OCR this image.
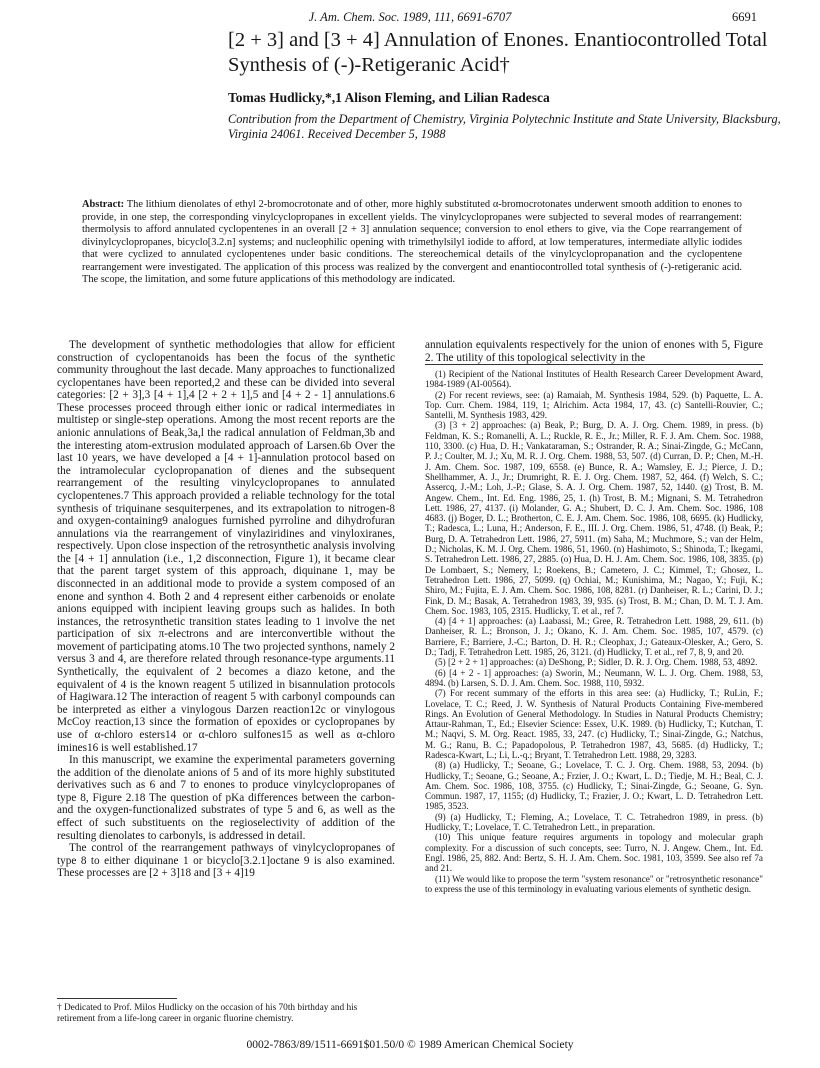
J. Am. Chem. Soc. 1989, 111, 6691-6707	6691
[2 + 3] and [3 + 4] Annulation of Enones. Enantiocontrolled Total Synthesis of (-)-Retigeranic Acid†
Tomas Hudlicky,*,1 Alison Fleming, and Lilian Radesca
Contribution from the Department of Chemistry, Virginia Polytechnic Institute and State University, Blacksburg, Virginia 24061. Received December 5, 1988
Abstract: The lithium dienolates of ethyl 2-bromocrotonate and of other, more highly substituted α-bromocrotonates underwent smooth addition to enones to provide, in one step, the corresponding vinylcyclopropanes in excellent yields. The vinylcyclopropanes were subjected to several modes of rearrangement: thermolysis to afford annulated cyclopentenes in an overall [2 + 3] annulation sequence; conversion to enol ethers to give, via the Cope rearrangement of divinylcyclopropanes, bicyclo[3.2.n] systems; and nucleophilic opening with trimethylsilyl iodide to afford, at low temperatures, intermediate allylic iodides that were cyclized to annulated cyclopentenes under basic conditions. The stereochemical details of the vinylcyclopropanation and the cyclopentene rearrangement were investigated. The application of this process was realized by the convergent and enantiocontrolled total synthesis of (-)-retigeranic acid. The scope, the limitation, and some future applications of this methodology are indicated.

The development of synthetic methodologies that allow for efficient construction of cyclopentanoids has been the focus of the synthetic community throughout the last decade. Many approaches to functionalized cyclopentanes have been reported,2 and these can be divided into several categories: [2 + 3],3 [4 + 1],4 [2 + 2 + 1],5 and [4 + 2 - 1] annulations.6 These processes proceed through either ionic or radical intermediates in multistep or single-step operations. Among the most recent reports are the anionic annulations of Beak,3a,l the radical annulation of Feldman,3b and the interesting atom-extrusion modulated approach of Larsen.6b Over the last 10 years, we have developed a [4 + 1]-annulation protocol based on the intramolecular cyclopropanation of dienes and the subsequent rearrangement of the resulting vinylcyclopropanes to annulated cyclopentenes.7 This approach provided a reliable technology for the total synthesis of triquinane sesquiterpenes, and its extrapolation to nitrogen-8 and oxygen-containing9 analogues furnished pyrroline and dihydrofuran annulations via the rearrangement of vinylaziridines and vinyloxiranes, respectively. Upon close inspection of the retrosynthetic analysis involving the [4 + 1] annulation (i.e., 1,2 disconnection, Figure 1), it became clear that the parent target system of this approach, diquinane 1, may be disconnected in an additional mode to provide a system composed of an enone and synthon 4. Both 2 and 4 represent either carbenoids or enolate anions equipped with incipient leaving groups such as halides. In both instances, the retrosynthetic transition states leading to 1 involve the net participation of six π-electrons and are interconvertible without the movement of participating atoms.10 The two projected synthons, namely 2 versus 3 and 4, are therefore related through resonance-type arguments.11 Synthetically, the equivalent of 2 becomes a diazo ketone, and the equivalent of 4 is the known reagent 5 utilized in bisannulation protocols of Hagiwara.12 The interaction of reagent 5 with carbonyl compounds can be interpreted as either a vinylogous Darzen reaction12c or vinylogous McCoy reaction,13 since the formation of epoxides or cyclopropanes by use of α-chloro esters14 or α-chloro sulfones15 as well as α-chloro imines16 is well established.17

In this manuscript, we examine the experimental parameters governing the addition of the dienolate anions of 5 and of its more highly substituted derivatives such as 6 and 7 to enones to produce vinylcyclopropanes of type 8, Figure 2.18 The question of pKa differences between the carbon- and the oxygen-functionalized substrates of type 5 and 6, as well as the effect of such substituents on the regioselectivity of addition of the resulting dienolates to carbonyls, is addressed in detail.

The control of the rearrangement pathways of vinylcyclopropanes of type 8 to either diquinane 1 or bicyclo[3.2.1]octane 9 is also examined. These processes are [2 + 3]18 and [3 + 4]19

annulation equivalents respectively for the union of enones with 5, Figure 2. The utility of this topological selectivity in the

(1) Recipient of the National Institutes of Health Research Career Development Award, 1984-1989 (AI-00564).

(2) For recent reviews, see: (a) Ramaiah, M. Synthesis 1984, 529. (b) Paquette, L. A. Top. Curr. Chem. 1984, 119, 1; Alrichim. Acta 1984, 17, 43. (c) Santelli-Rouvier, C.; Santelli, M. Synthesis 1983, 429.

(3) [3 + 2] approaches: (a) Beak, P.; Burg, D. A. J. Org. Chem. 1989, in press. (b) Feldman, K. S.; Romanelli, A. L.; Ruckle, R. E., Jr.; Miller, R. F. J. Am. Chem. Soc. 1988, 110, 3300. (c) Hua, D. H.; Vankataraman, S.; Ostrander, R. A.; Sinai-Zingde, G.; McCann, P. J.; Coulter, M. J.; Xu, M. R. J. Org. Chem. 1988, 53, 507. (d) Curran, D. P.; Chen, M.-H. J. Am. Chem. Soc. 1987, 109, 6558. (e) Bunce, R. A.; Wamsley, E. J.; Pierce, J. D.; Shellhammer, A. J., Jr.; Drumright, R. E. J. Org. Chem. 1987, 52, 464. (f) Welch, S. C.; Assercq, J.-M.; Loh, J.-P.; Glase, S. A. J. Org. Chem. 1987, 52, 1440. (g) Trost, B. M. Angew. Chem., Int. Ed. Eng. 1986, 25, 1. (h) Trost, B. M.; Mignani, S. M. Tetrahedron Lett. 1986, 27, 4137. (i) Molander, G. A.; Shubert, D. C. J. Am. Chem. Soc. 1986, 108 4683. (j) Boger, D. L.; Brotherton, C. E. J. Am. Chem. Soc. 1986, 108, 6695. (k) Hudlicky, T.; Radesca, L.; Luna, H.; Anderson, F. E., III. J. Org. Chem. 1986, 51, 4748. (l) Beak, P.; Burg, D. A. Tetrahedron Lett. 1986, 27, 5911. (m) Saha, M.; Muchmore, S.; van der Helm, D.; Nicholas, K. M. J. Org. Chem. 1986, 51, 1960. (n) Hashimoto, S.; Shinoda, T.; Ikegami, S. Tetrahedron Lett. 1986, 27, 2885. (o) Hua, D. H. J. Am. Chem. Soc. 1986, 108, 3835. (p) De Lombaert, S.; Nemery, I.; Roekens, B.; Cametero, J. C.; Kimmel, T.; Ghosez, L. Tetrahedron Lett. 1986, 27, 5099. (q) Ochiai, M.; Kunishima, M.; Nagao, Y.; Fuji, K.; Shiro, M.; Fujita, E. J. Am. Chem. Soc. 1986, 108, 8281. (r) Danheiser, R. L.; Carini, D. J.; Fink, D. M.; Basak, A. Tetrahedron 1983, 39, 935. (s) Trost, B. M.; Chan, D. M. T. J. Am. Chem. Soc. 1983, 105, 2315. Hudlicky, T. et al., ref 7.

(4) [4 + 1] approaches: (a) Laabassi, M.; Gree, R. Tetrahedron Lett. 1988, 29, 611. (b) Danheiser, R. L.; Bronson, J. J.; Okano, K. J. Am. Chem. Soc. 1985, 107, 4579. (c) Barriere, F.; Barriere, J.-C.; Barton, D. H. R.; Cleophax, J.; Gateaux-Olesker, A.; Gero, S. D.; Tadj, F. Tetrahedron Lett. 1985, 26, 3121. (d) Hudlicky, T. et al., ref 7, 8, 9, and 20.

(5) [2 + 2 + 1] approaches: (a) DeShong, P.; Sidler, D. R. J. Org. Chem. 1988, 53, 4892.

(6) [4 + 2 - 1] approaches: (a) Sworin, M.; Neumann, W. L. J. Org. Chem. 1988, 53, 4894. (b) Larsen, S. D. J. Am. Chem. Soc. 1988, 110, 5932.

(7) For recent summary of the efforts in this area see: (a) Hudlicky, T.; RuLin, F.; Lovelace, T. C.; Reed, J. W. Synthesis of Natural Products Containing Five-membered Rings. An Evolution of General Methodology. In Studies in Natural Products Chemistry; Attaur-Rahman, T., Ed.; Elsevier Science: Essex, U.K. 1989. (b) Hudlicky, T.; Kutchan, T. M.; Naqvi, S. M. Org. React. 1985, 33, 247. (c) Hudlicky, T.; Sinai-Zingde, G.; Natchus, M. G.; Ranu, B. C.; Papadopolous, P. Tetrahedron 1987, 43, 5685. (d) Hudlicky, T.; Radesca-Kwart, L.; Li, L.-q.; Bryant, T. Tetrahedron Lett. 1988, 29, 3283.

(8) (a) Hudlicky, T.; Seoane, G.; Lovelace, T. C. J. Org. Chem. 1988, 53, 2094. (b) Hudlicky, T.; Seoane, G.; Seoane, A.; Frzier, J. O.; Kwart, L. D.; Tiedje, M. H.; Beal, C. J. Am. Chem. Soc. 1986, 108, 3755. (c) Hudlicky, T.; Sinai-Zingde, G.; Seoane, G. Syn. Commun. 1987, 17, 1155; (d) Hudlicky, T.; Frazier, J. O.; Kwart, L. D. Tetrahedron Lett. 1985, 3523.

(9) (a) Hudlicky, T.; Fleming, A.; Lovelace, T. C. Tetrahedron 1989, in press. (b) Hudlicky, T.; Lovelace, T. C. Tetrahedron Lett., in preparation.

(10) This unique feature requires arguments in topology and molecular graph complexity. For a discussion of such concepts, see: Turro, N. J. Angew. Chem., Int. Ed. Engl. 1986, 25, 882. And: Bertz, S. H. J. Am. Chem. Soc. 1981, 103, 3599. See also ref 7a and 21.

(11) We would like to propose the term "system resonance" or "retrosynthetic resonance" to express the use of this terminology in evaluating various elements of synthetic design.

† Dedicated to Prof. Milos Hudlicky on the occasion of his 70th birthday and his retirement from a life-long career in organic fluorine chemistry.
0002-7863/89/1511-6691$01.50/0 © 1989 American Chemical Society
